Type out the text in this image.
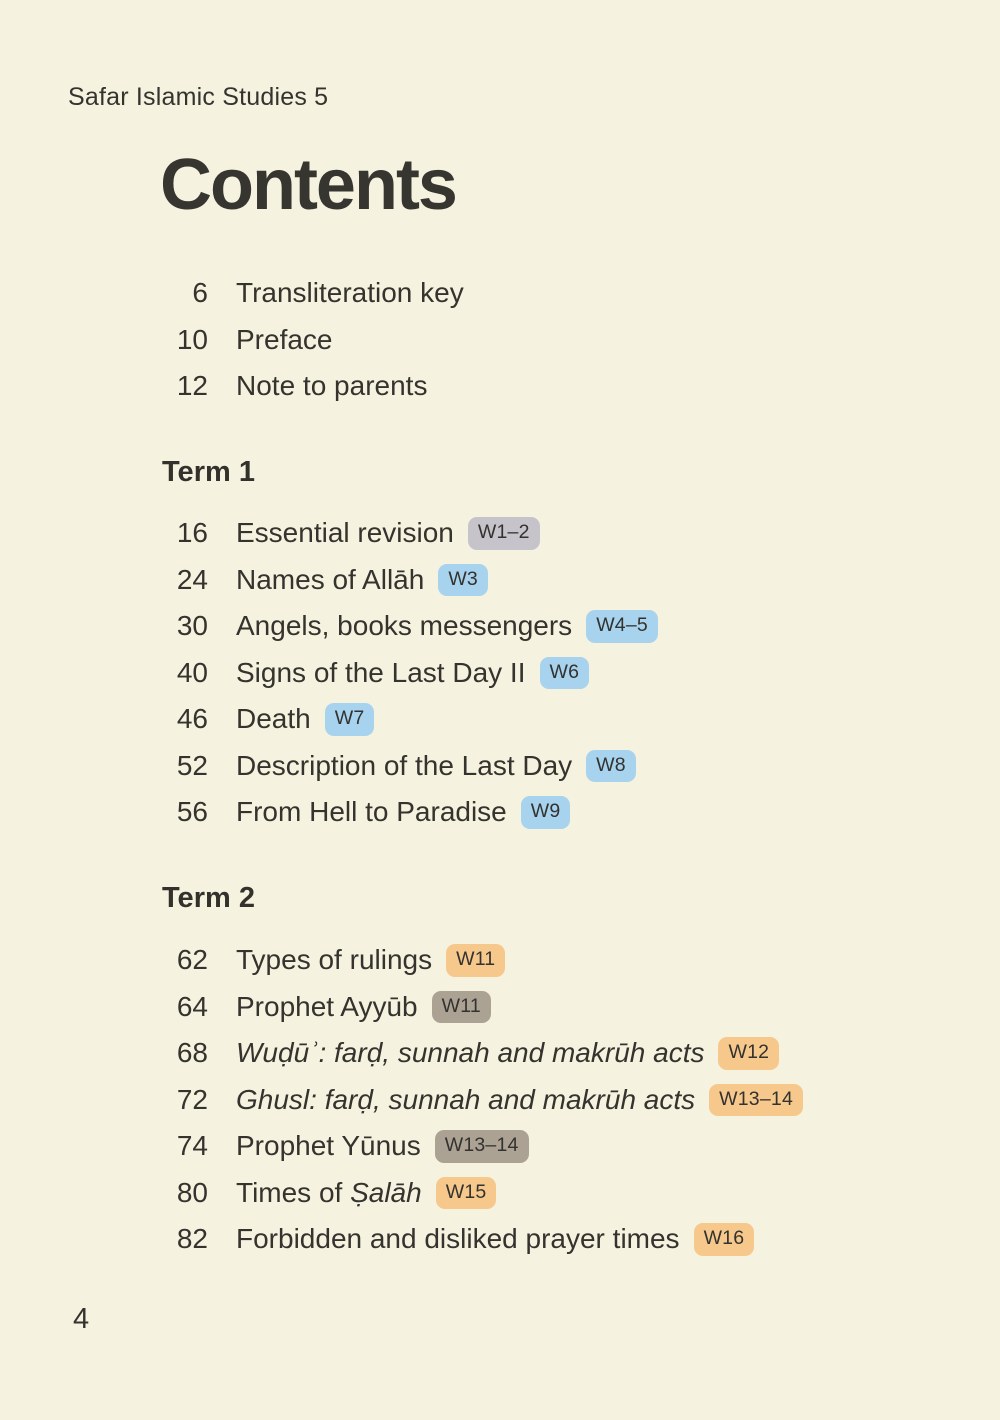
Safar Islamic Studies 5
Contents
6 Transliteration key
10 Preface
12 Note to parents
Term 1
16 Essential revision	W1–2
24 Names of Allāh	W3
30 Angels, books messengers	W4–5
40 Signs of the Last Day II	W6
46 Death	W7
52 Description of the Last Day	W8
56 From Hell to Paradise	W9
Term 2
62 Types of rulings	W11
64 Prophet Ayyūb	W11
68 Wuḍūʾ: farḍ, sunnah and makrūh acts	W12
72 Ghusl: farḍ, sunnah and makrūh acts	W13–14
74 Prophet Yūnus	W13–14
80 Times of Ṣalāh	W15
82 Forbidden and disliked prayer times	W16
4
